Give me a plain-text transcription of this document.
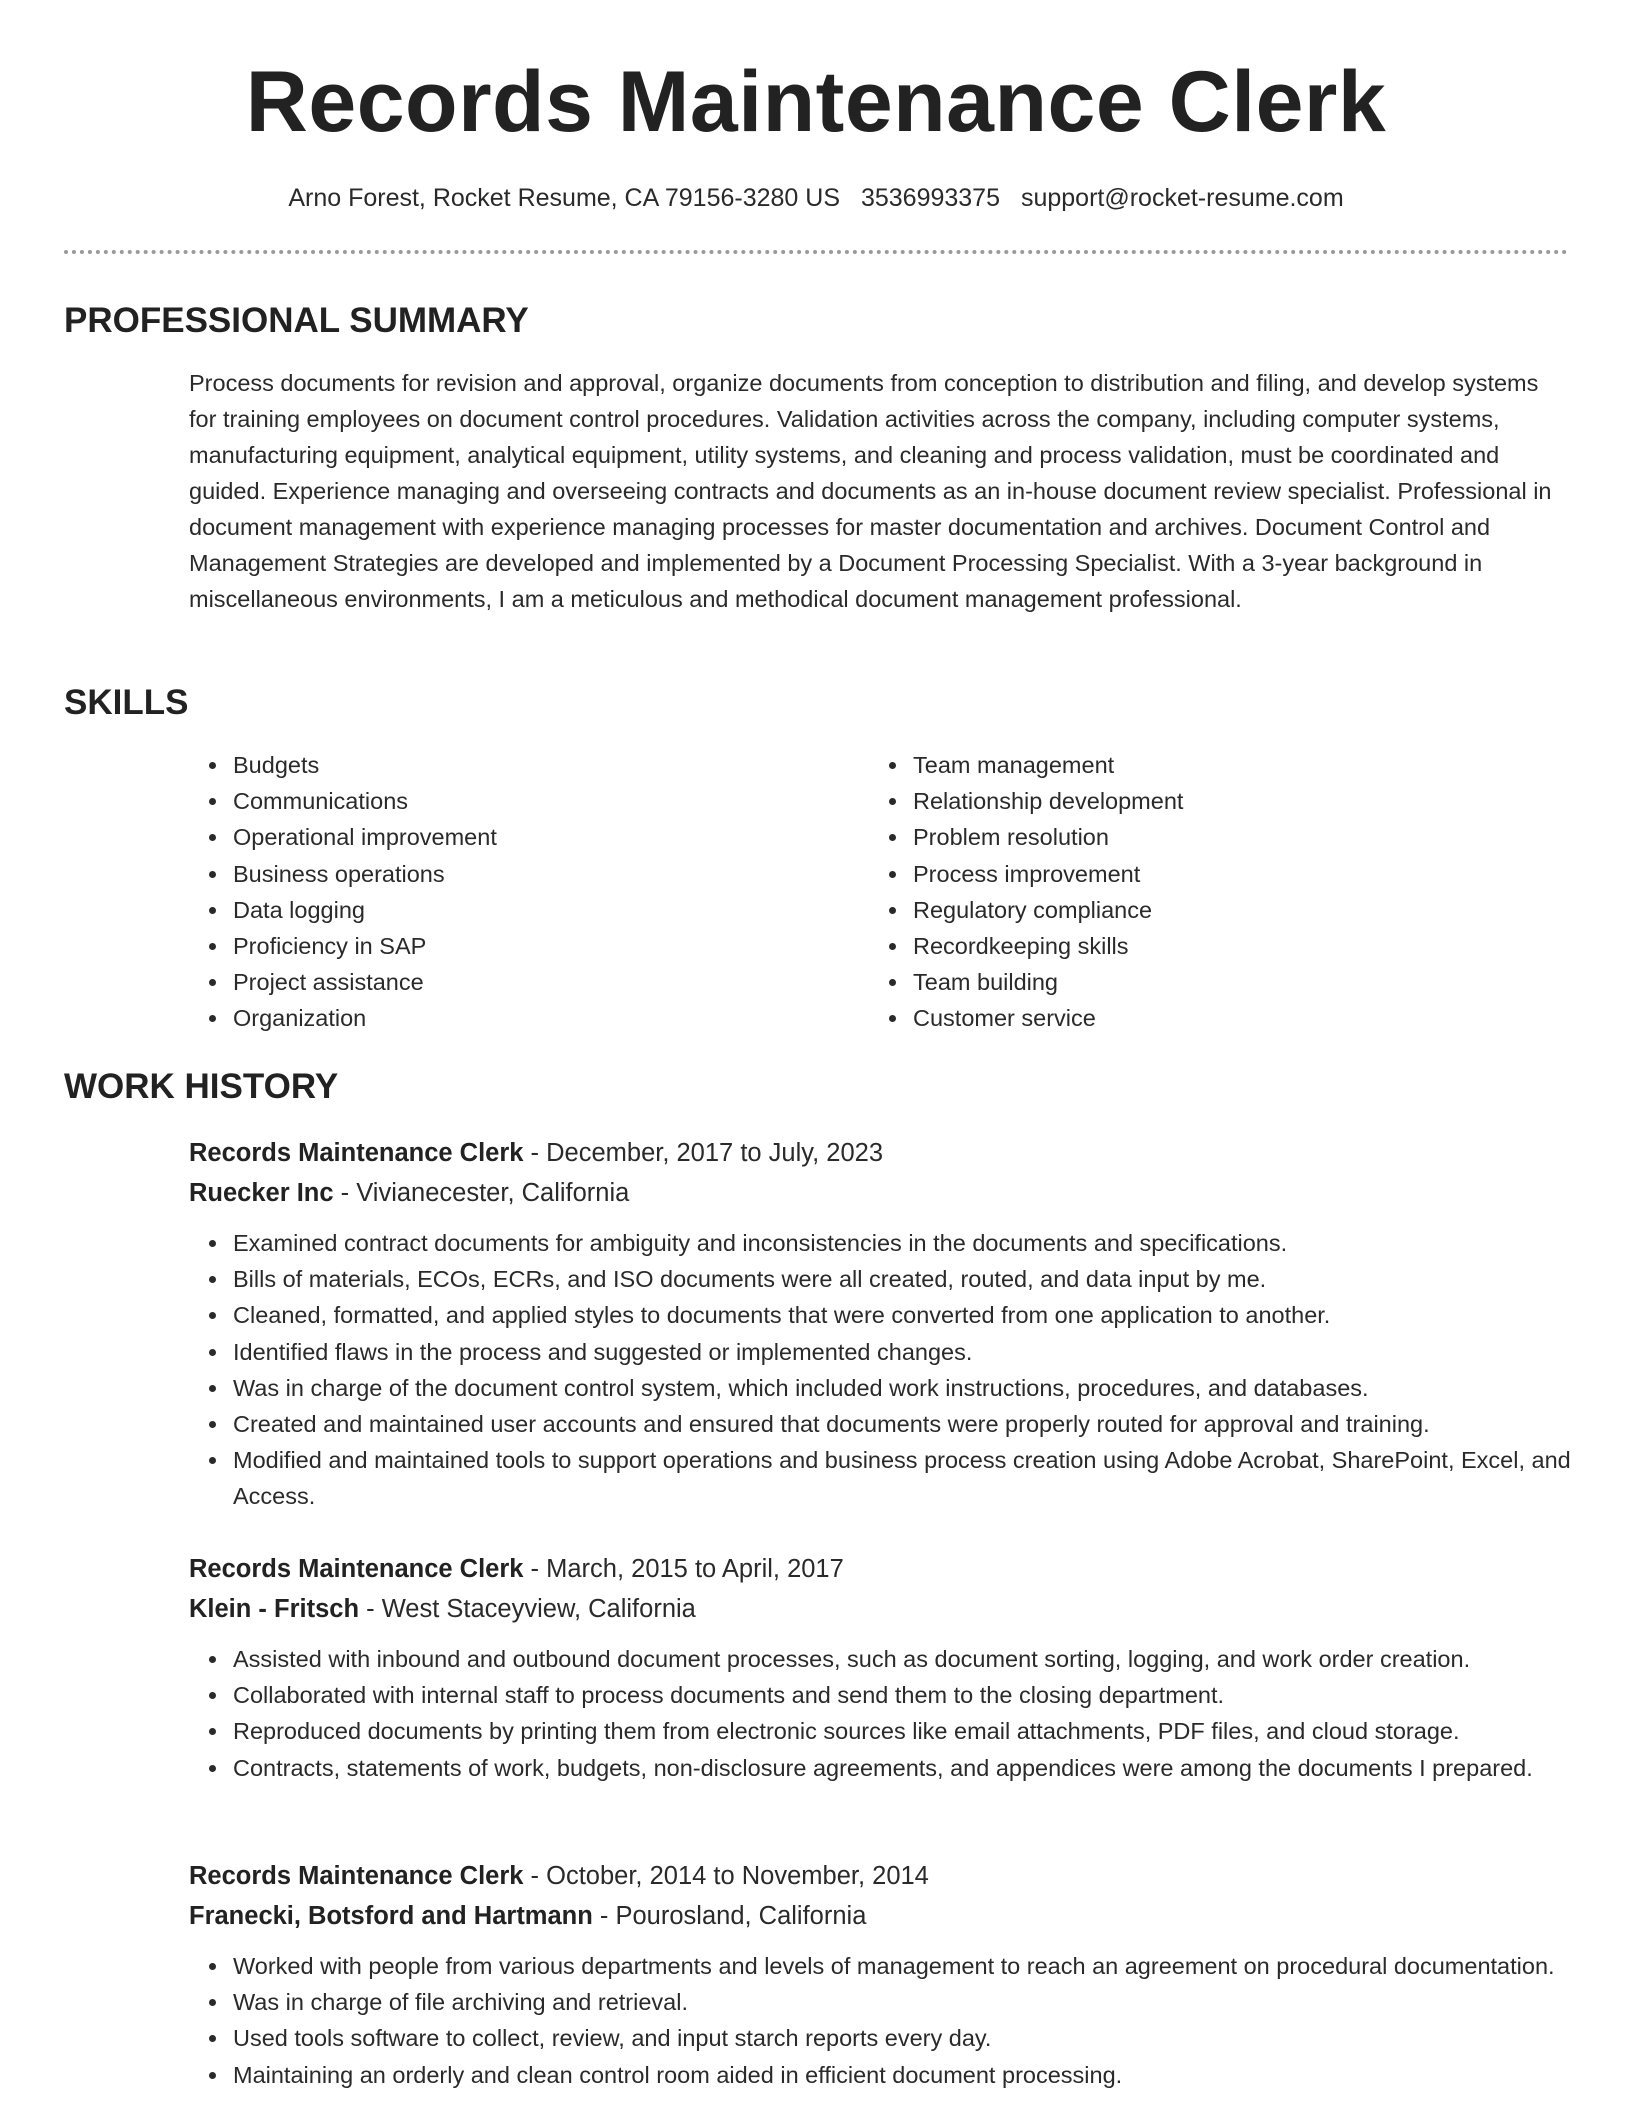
Records Maintenance Clerk
Arno Forest, Rocket Resume, CA 79156-3280 US 3536993375 support@rocket-resume.com
PROFESSIONAL SUMMARY
Process documents for revision and approval, organize documents from conception to distribution and filing, and develop systems for training employees on document control procedures. Validation activities across the company, including computer systems, manufacturing equipment, analytical equipment, utility systems, and cleaning and process validation, must be coordinated and guided. Experience managing and overseeing contracts and documents as an in-house document review specialist. Professional in document management with experience managing processes for master documentation and archives. Document Control and Management Strategies are developed and implemented by a Document Processing Specialist. With a 3-year background in miscellaneous environments, I am a meticulous and methodical document management professional.
SKILLS
Budgets
Communications
Operational improvement
Business operations
Data logging
Proficiency in SAP
Project assistance
Organization
Team management
Relationship development
Problem resolution
Process improvement
Regulatory compliance
Recordkeeping skills
Team building
Customer service
WORK HISTORY
Records Maintenance Clerk - December, 2017 to July, 2023
Ruecker Inc - Vivianecester, California
Examined contract documents for ambiguity and inconsistencies in the documents and specifications.
Bills of materials, ECOs, ECRs, and ISO documents were all created, routed, and data input by me.
Cleaned, formatted, and applied styles to documents that were converted from one application to another.
Identified flaws in the process and suggested or implemented changes.
Was in charge of the document control system, which included work instructions, procedures, and databases.
Created and maintained user accounts and ensured that documents were properly routed for approval and training.
Modified and maintained tools to support operations and business process creation using Adobe Acrobat, SharePoint, Excel, and Access.
Records Maintenance Clerk - March, 2015 to April, 2017
Klein - Fritsch - West Staceyview, California
Assisted with inbound and outbound document processes, such as document sorting, logging, and work order creation.
Collaborated with internal staff to process documents and send them to the closing department.
Reproduced documents by printing them from electronic sources like email attachments, PDF files, and cloud storage.
Contracts, statements of work, budgets, non-disclosure agreements, and appendices were among the documents I prepared.
Records Maintenance Clerk - October, 2014 to November, 2014
Franecki, Botsford and Hartmann - Pourosland, California
Worked with people from various departments and levels of management to reach an agreement on procedural documentation.
Was in charge of file archiving and retrieval.
Used tools software to collect, review, and input starch reports every day.
Maintaining an orderly and clean control room aided in efficient document processing.
